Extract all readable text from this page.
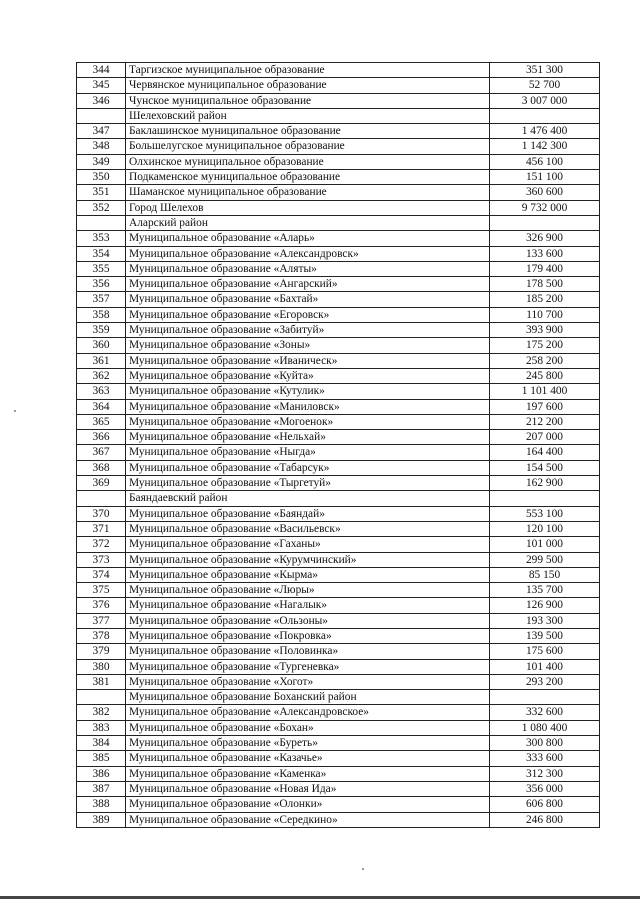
344	Таргизское муниципальное образование	351 300
345	Червянское муниципальное образование	52 700
346	Чунское муниципальное образование	3 007 000
	Шелеховский район	
347	Баклашинское муниципальное образование	1 476 400
348	Большелугское муниципальное образование	1 142 300
349	Олхинское муниципальное образование	456 100
350	Подкаменское муниципальное образование	151 100
351	Шаманское муниципальное образование	360 600
352	Город Шелехов	9 732 000
	Аларский район	
353	Муниципальное образование «Аларь»	326 900
354	Муниципальное образование «Александровск»	133 600
355	Муниципальное образование «Аляты»	179 400
356	Муниципальное образование «Ангарский»	178 500
357	Муниципальное образование «Бахтай»	185 200
358	Муниципальное образование «Егоровск»	110 700
359	Муниципальное образование «Забитуй»	393 900
360	Муниципальное образование «Зоны»	175 200
361	Муниципальное образование «Иваническ»	258 200
362	Муниципальное образование «Куйта»	245 800
363	Муниципальное образование «Кутулик»	1 101 400
364	Муниципальное образование «Маниловск»	197 600
365	Муниципальное образование «Могоенок»	212 200
366	Муниципальное образование «Нельхай»	207 000
367	Муниципальное образование «Ныгда»	164 400
368	Муниципальное образование «Табарсук»	154 500
369	Муниципальное образование «Тыргетуй»	162 900
	Баяндаевский район	
370	Муниципальное образование «Баяндай»	553 100
371	Муниципальное образование «Васильевск»	120 100
372	Муниципальное образование «Гаханы»	101 000
373	Муниципальное образование «Курумчинский»	299 500
374	Муниципальное образование «Кырма»	85 150
375	Муниципальное образование «Люры»	135 700
376	Муниципальное образование «Нагалык»	126 900
377	Муниципальное образование «Ользоны»	193 300
378	Муниципальное образование «Покровка»	139 500
379	Муниципальное образование «Половинка»	175 600
380	Муниципальное образование «Тургеневка»	101 400
381	Муниципальное образование «Хогот»	293 200
	Муниципальное образование Боханский район	
382	Муниципальное образование «Александровское»	332 600
383	Муниципальное образование «Бохан»	1 080 400
384	Муниципальное образование «Буреть»	300 800
385	Муниципальное образование «Казачье»	333 600
386	Муниципальное образование «Каменка»	312 300
387	Муниципальное образование «Новая Ида»	356 000
388	Муниципальное образование «Олонки»	606 800
389	Муниципальное образование «Середкино»	246 800
